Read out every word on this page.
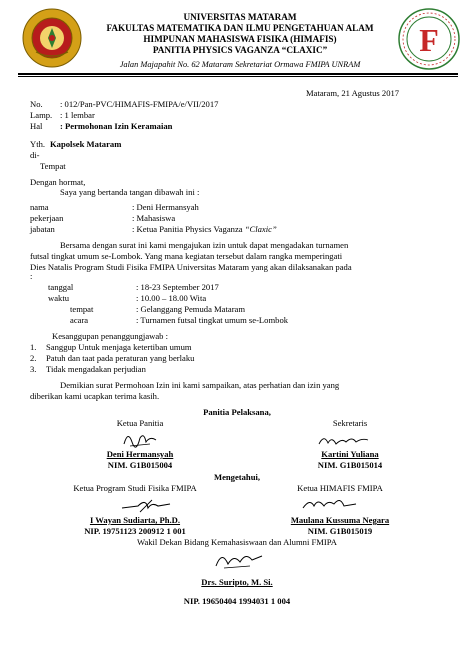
F
UNIVERSITAS MATARAM
FAKULTAS MATEMATIKA DAN ILMU PENGETAHUAN ALAM
HIMPUNAN MAHASISWA FISIKA (HIMAFIS)
PANITIA PHYSICS VAGANZA “CLAXIC”
Jalan Majapahit No. 62 Mataram Sekretariat Ormawa FMIPA UNRAM
Mataram, 21 Agustus 2017
No. : 012/Pan-PVC/HIMAFIS-FMIPA/e/VII/2017
Lamp. : 1 lembar
Hal : Permohonan Izin Keramaian
Yth. Kapolsek Mataram
di-
Tempat
Dengan hormat,
Saya yang bertanda tangan dibawah ini :
nama	: Deni Hermansyah
pekerjaan	: Mahasiswa
jabatan	: Ketua Panitia Physics Vaganza “Claxic”
Bersama dengan surat ini kami mengajukan izin untuk dapat mengadakan turnamen
futsal tingkat umum se-Lombok. Yang mana kegiatan tersebut dalam rangka memperingati
Dies Natalis Program Studi Fisika FMIPA Universitas Mataram yang akan dilaksanakan pada
:
tanggal	: 18-23 September 2017
waktu	: 10.00 – 18.00 Wita
tempat	: Gelanggang Pemuda Mataram
acara	: Turnamen futsal tingkat umum se-Lombok
Kesanggupan penanggungjawab :
1. Sanggup Untuk menjaga ketertiban umum
2. Patuh dan taat pada peraturan yang berlaku
3. Tidak mengadakan perjudian
Demikian surat Permohoan Izin ini kami sampaikan, atas perhatian dan izin yang
diberikan kami ucapkan terima kasih.
Panitia Pelaksana,
Ketua Panitia	Sekretaris
Deni Hermansyah
NIM. G1B015004
Kartini Yuliana
NIM. G1B015014
Mengetahui,
Ketua Program Studi Fisika FMIPA	Ketua HIMAFIS FMIPA
I Wayan Sudiarta, Ph.D.
NIP. 19751123 200912 1 001
Maulana Kussuma Negara
NIM. G1B015019
Wakil Dekan Bidang Kemahasiswaan dan Alumni FMIPA
Drs. Suripto, M. Si.
NIP. 19650404 1994031 1 004
